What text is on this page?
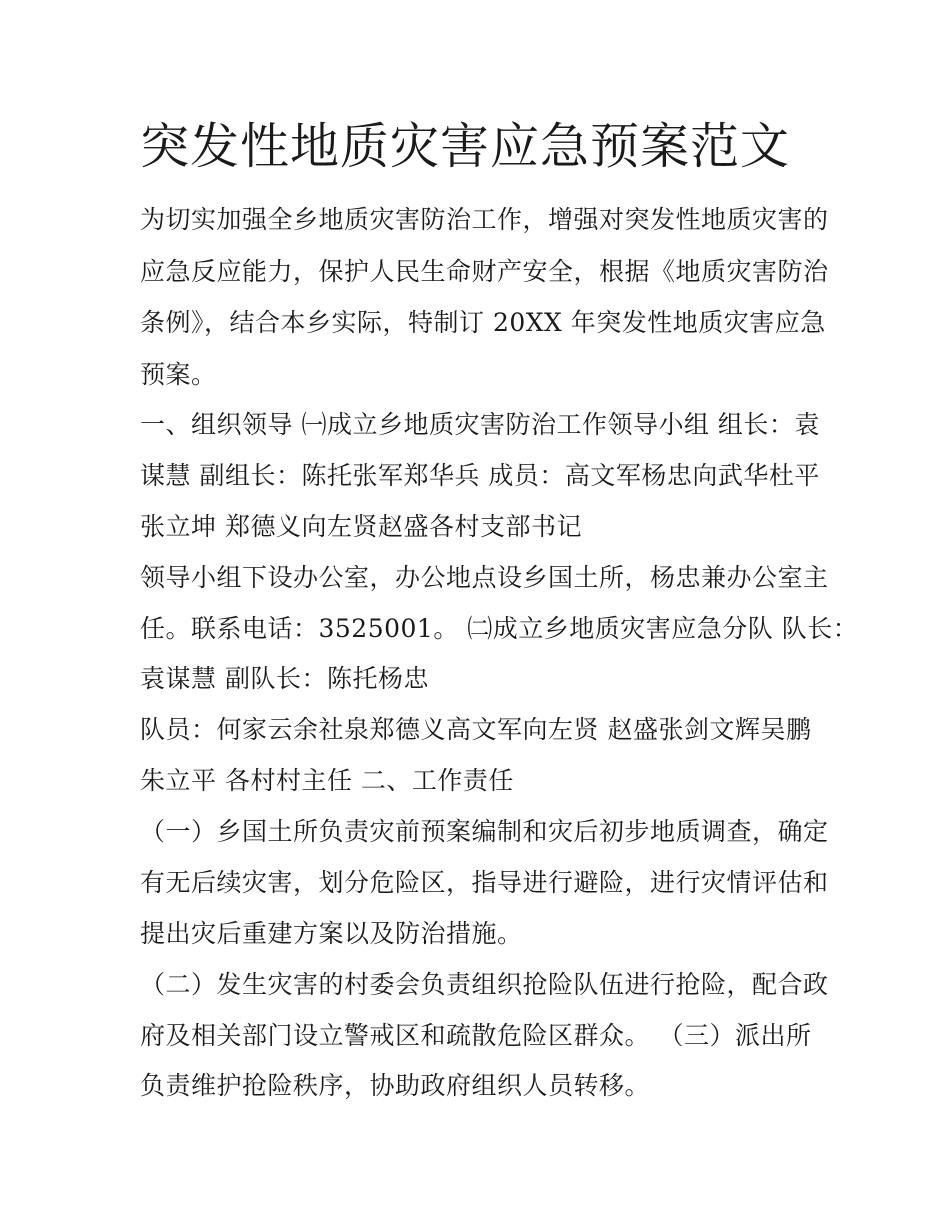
突发性地质灾害应急预案范文
为切实加强全乡地质灾害防治工作，增强对突发性地质灾害的
应急反应能力，保护人民生命财产安全，根据《地质灾害防治
条例》，结合本乡实际，特制订 20XX 年突发性地质灾害应急
预案。
一、组织领导 ㈠成立乡地质灾害防治工作领导小组 组长：袁
谋慧 副组长：陈托张军郑华兵 成员：高文军杨忠向武华杜平
张立坤 郑德义向左贤赵盛各村支部书记
领导小组下设办公室，办公地点设乡国土所，杨忠兼办公室主
任。联系电话：3525001。 ㈡成立乡地质灾害应急分队 队长：
袁谋慧 副队长：陈托杨忠
队员：何家云余社泉郑德义高文军向左贤 赵盛张剑文辉吴鹏
朱立平 各村村主任 二、工作责任
（一）乡国土所负责灾前预案编制和灾后初步地质调查，确定
有无后续灾害，划分危险区，指导进行避险，进行灾情评估和
提出灾后重建方案以及防治措施。
（二）发生灾害的村委会负责组织抢险队伍进行抢险，配合政
府及相关部门设立警戒区和疏散危险区群众。 （三）派出所
负责维护抢险秩序，协助政府组织人员转移。
